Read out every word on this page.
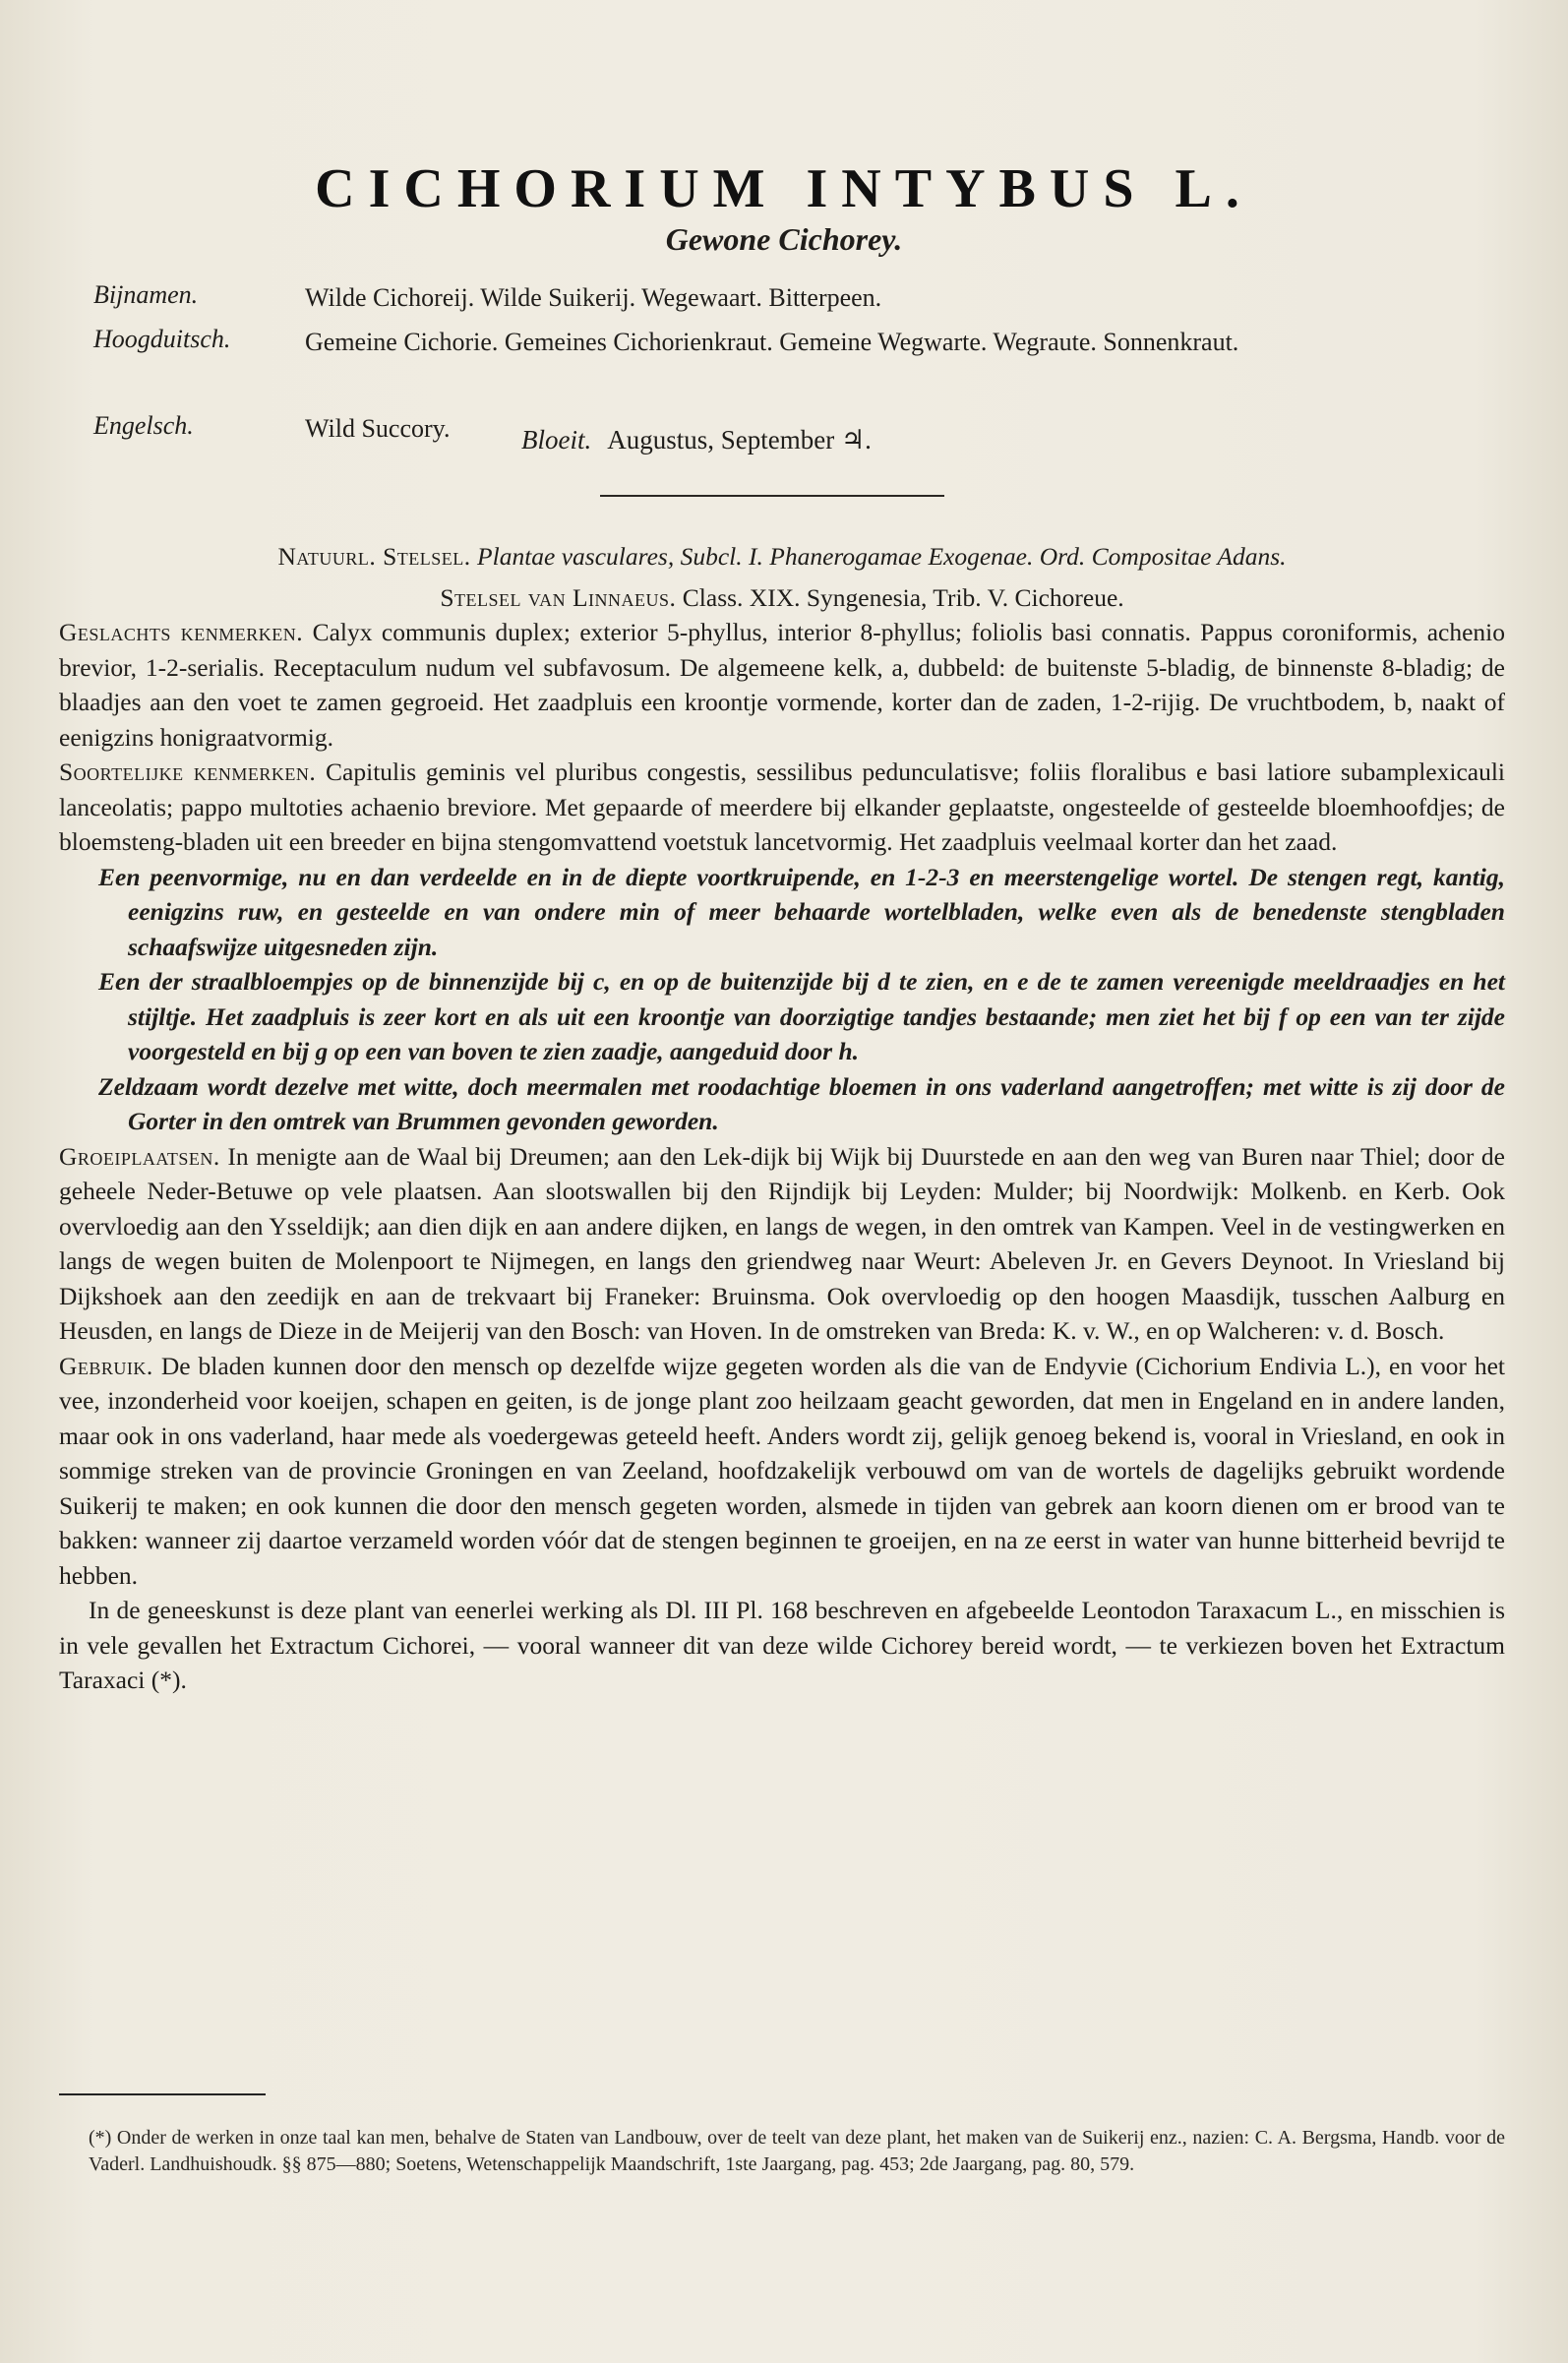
CICHORIUM INTYBUS L.
Gewone Cichorey.
Bijnamen.	Wilde Cichoreij. Wilde Suikerij. Wegewaart. Bitterpeen.
Hoogduitsch.	Gemeine Cichorie. Gemeines Cichorienkraut. Gemeine Wegwarte. Wegraute. Sonnenkraut.
Engelsch.	Wild Succory.	Bloeit. Augustus, September ♃.

Natuurl. Stelsel. Plantae vasculares, Subcl. I. Phanerogamae Exogenae. Ord. Compositae Adans.

Stelsel van Linnaeus. Class. XIX. Syngenesia, Trib. V. Cichoreue.

Geslachts kenmerken. Calyx communis duplex; exterior 5-phyllus, interior 8-phyllus; foliolis basi connatis. Pappus coroniformis, achenio brevior, 1-2-serialis. Receptaculum nudum vel subfavosum. De algemeene kelk, a, dubbeld: de buitenste 5-bladig, de binnenste 8-bladig; de blaadjes aan den voet te zamen gegroeid. Het zaadpluis een kroontje vormende, korter dan de zaden, 1-2-rijig. De vruchtbodem, b, naakt of eenigzins honigraatvormig.

Soortelijke kenmerken. Capitulis geminis vel pluribus congestis, sessilibus pedunculatisve; foliis floralibus e basi latiore subamplexicauli lanceolatis; pappo multoties achaenio breviore. Met gepaarde of meerdere bij elkander geplaatste, ongesteelde of gesteelde bloemhoofdjes; de bloemsteng-bladen uit een breeder en bijna stengomvattend voetstuk lancetvormig. Het zaadpluis veelmaal korter dan het zaad.

Een peenvormige, nu en dan verdeelde en in de diepte voortkruipende, en 1-2-3 en meerstengelige wortel. De stengen regt, kantig, eenigzins ruw, en gesteelde en van ondere min of meer behaarde wortelbladen, welke even als de benedenste stengbladen schaafswijze uitgesneden zijn.

Een der straalbloempjes op de binnenzijde bij c, en op de buitenzijde bij d te zien, en e de te zamen vereenigde meeldraadjes en het stijltje. Het zaadpluis is zeer kort en als uit een kroontje van doorzigtige tandjes bestaande; men ziet het bij f op een van ter zijde voorgesteld en bij g op een van boven te zien zaadje, aangeduid door h.

Zeldzaam wordt dezelve met witte, doch meermalen met roodachtige bloemen in ons vaderland aangetroffen; met witte is zij door de Gorter in den omtrek van Brummen gevonden geworden.

Groeiplaatsen. In menigte aan de Waal bij Dreumen; aan den Lek-dijk bij Wijk bij Duurstede en aan den weg van Buren naar Thiel; door de geheele Neder-Betuwe op vele plaatsen. Aan slootswallen bij den Rijndijk bij Leyden: Mulder; bij Noordwijk: Molkenb. en Kerb. Ook overvloedig aan den Ysseldijk; aan dien dijk en aan andere dijken, en langs de wegen, in den omtrek van Kampen. Veel in de vestingwerken en langs de wegen buiten de Molenpoort te Nijmegen, en langs den griendweg naar Weurt: Abeleven Jr. en Gevers Deynoot. In Vriesland bij Dijkshoek aan den zeedijk en aan de trekvaart bij Franeker: Bruinsma. Ook overvloedig op den hoogen Maasdijk, tusschen Aalburg en Heusden, en langs de Dieze in de Meijerij van den Bosch: van Hoven. In de omstreken van Breda: K. v. W., en op Walcheren: v. d. Bosch.

Gebruik. De bladen kunnen door den mensch op dezelfde wijze gegeten worden als die van de Endyvie (Cichorium Endivia L.), en voor het vee, inzonderheid voor koeijen, schapen en geiten, is de jonge plant zoo heilzaam geacht geworden, dat men in Engeland en in andere landen, maar ook in ons vaderland, haar mede als voedergewas geteeld heeft. Anders wordt zij, gelijk genoeg bekend is, vooral in Vriesland, en ook in sommige streken van de provincie Groningen en van Zeeland, hoofdzakelijk verbouwd om van de wortels de dagelijks gebruikt wordende Suikerij te maken; en ook kunnen die door den mensch gegeten worden, alsmede in tijden van gebrek aan koorn dienen om er brood van te bakken: wanneer zij daartoe verzameld worden vóór dat de stengen beginnen te groeijen, en na ze eerst in water van hunne bitterheid bevrijd te hebben.

In de geneeskunst is deze plant van eenerlei werking als Dl. III Pl. 168 beschreven en afgebeelde Leontodon Taraxacum L., en misschien is in vele gevallen het Extractum Cichorei, — vooral wanneer dit van deze wilde Cichorey bereid wordt, — te verkiezen boven het Extractum Taraxaci (*).

(*) Onder de werken in onze taal kan men, behalve de Staten van Landbouw, over de teelt van deze plant, het maken van de Suikerij enz., nazien: C. A. Bergsma, Handb. voor de Vaderl. Landhuishoudk. §§ 875—880; Soetens, Wetenschappelijk Maandschrift, 1ste Jaargang, pag. 453; 2de Jaargang, pag. 80, 579.
